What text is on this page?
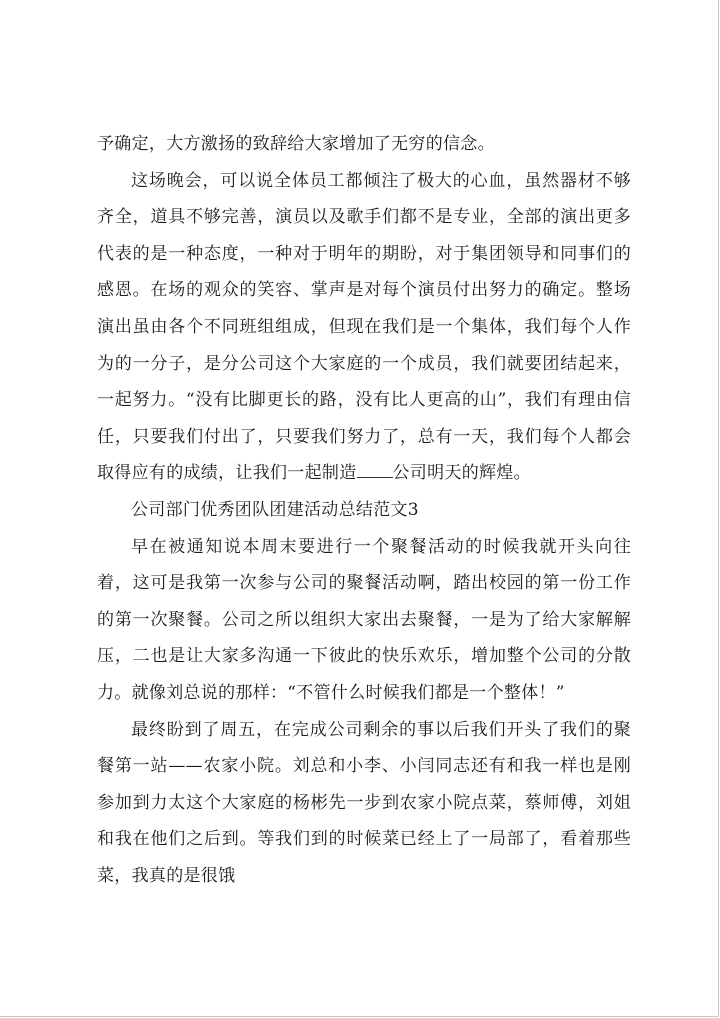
予确定，大方激扬的致辞给大家增加了无穷的信念。

这场晚会，可以说全体员工都倾注了极大的心血，虽然器材不够齐全，道具不够完善，演员以及歌手们都不是专业，全部的演出更多代表的是一种态度，一种对于明年的期盼，对于集团领导和同事们的感恩。在场的观众的笑容、掌声是对每个演员付出努力的确定。整场演出虽由各个不同班组组成，但现在我们是一个集体，我们每个人作为的一分子，是分公司这个大家庭的一个成员，我们就要团结起来，一起努力。“没有比脚更长的路，没有比人更高的山”，我们有理由信任，只要我们付出了，只要我们努力了，总有一天，我们每个人都会取得应有的成绩，让我们一起制造 公司明天的辉煌。

公司部门优秀团队团建活动总结范文3

早在被通知说本周末要进行一个聚餐活动的时候我就开头向往着，这可是我第一次参与公司的聚餐活动啊，踏出校园的第一份工作的第一次聚餐。公司之所以组织大家出去聚餐，一是为了给大家解解压，二也是让大家多沟通一下彼此的快乐欢乐，增加整个公司的分散力。就像刘总说的那样：“不管什么时候我们都是一个整体！”

最终盼到了周五，在完成公司剩余的事以后我们开头了我们的聚餐第一站——农家小院。刘总和小李、小闫同志还有和我一样也是刚参加到力太这个大家庭的杨彬先一步到农家小院点菜，蔡师傅，刘姐和我在他们之后到。等我们到的时候菜已经上了一局部了，看着那些菜，我真的是很饿
